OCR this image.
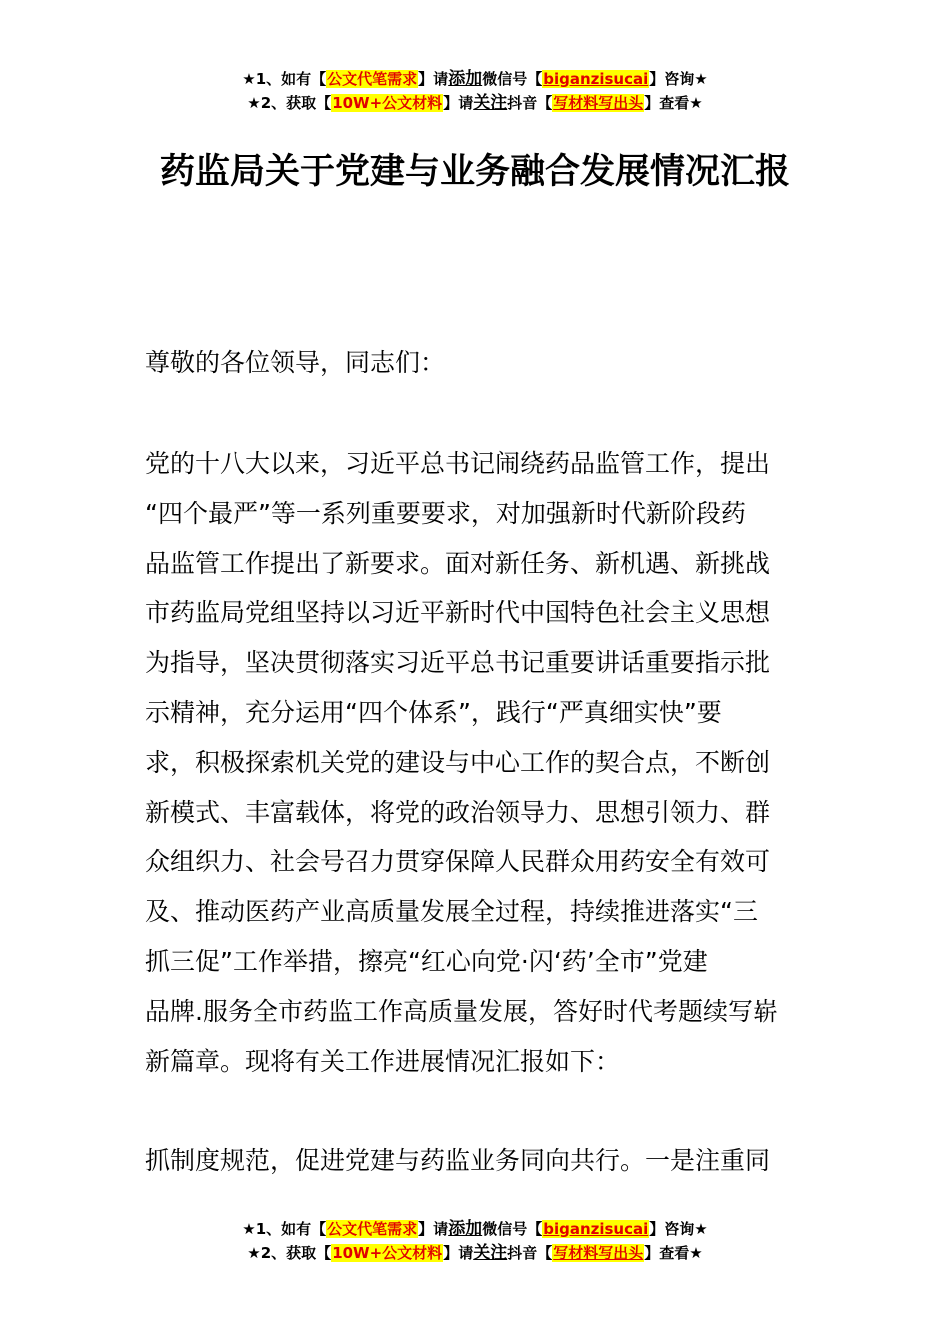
★1、如有【公文代笔需求】请添加微信号【biganzisucai】咨询★
★2、获取【10W+公文材料】请关注抖音【写材料写出头】查看★
药监局关于党建与业务融合发展情况汇报

尊敬的各位领导，同志们：

党的十八大以来，习近平总书记闹绕药品监管工作，提出
“四个最严”等一系列重要要求，对加强新时代新阶段药
品监管工作提出了新要求。面对新任务、新机遇、新挑战
市药监局党组坚持以习近平新时代中国特色社会主义思想
为指导，坚决贯彻落实习近平总书记重要讲话重要指示批
示精神，充分运用“四个体系”，践行“严真细实快”要
求，积极探索机关党的建设与中心工作的契合点，不断创
新模式、丰富载体，将党的政治领导力、思想引领力、群
众组织力、社会号召力贯穿保障人民群众用药安全有效可
及、推动医药产业高质量发展全过程，持续推进落实“三
抓三促”工作举措，擦亮“红心向党·闪‘药’全市”党建
品牌.服务全市药监工作高质量发展，答好时代考题续写崭
新篇章。现将有关工作进展情况汇报如下：
抓制度规范，促进党建与药监业务同向共行。一是注重同
★1、如有【公文代笔需求】请添加微信号【biganzisucai】咨询★
★2、获取【10W+公文材料】请关注抖音【写材料写出头】查看★
